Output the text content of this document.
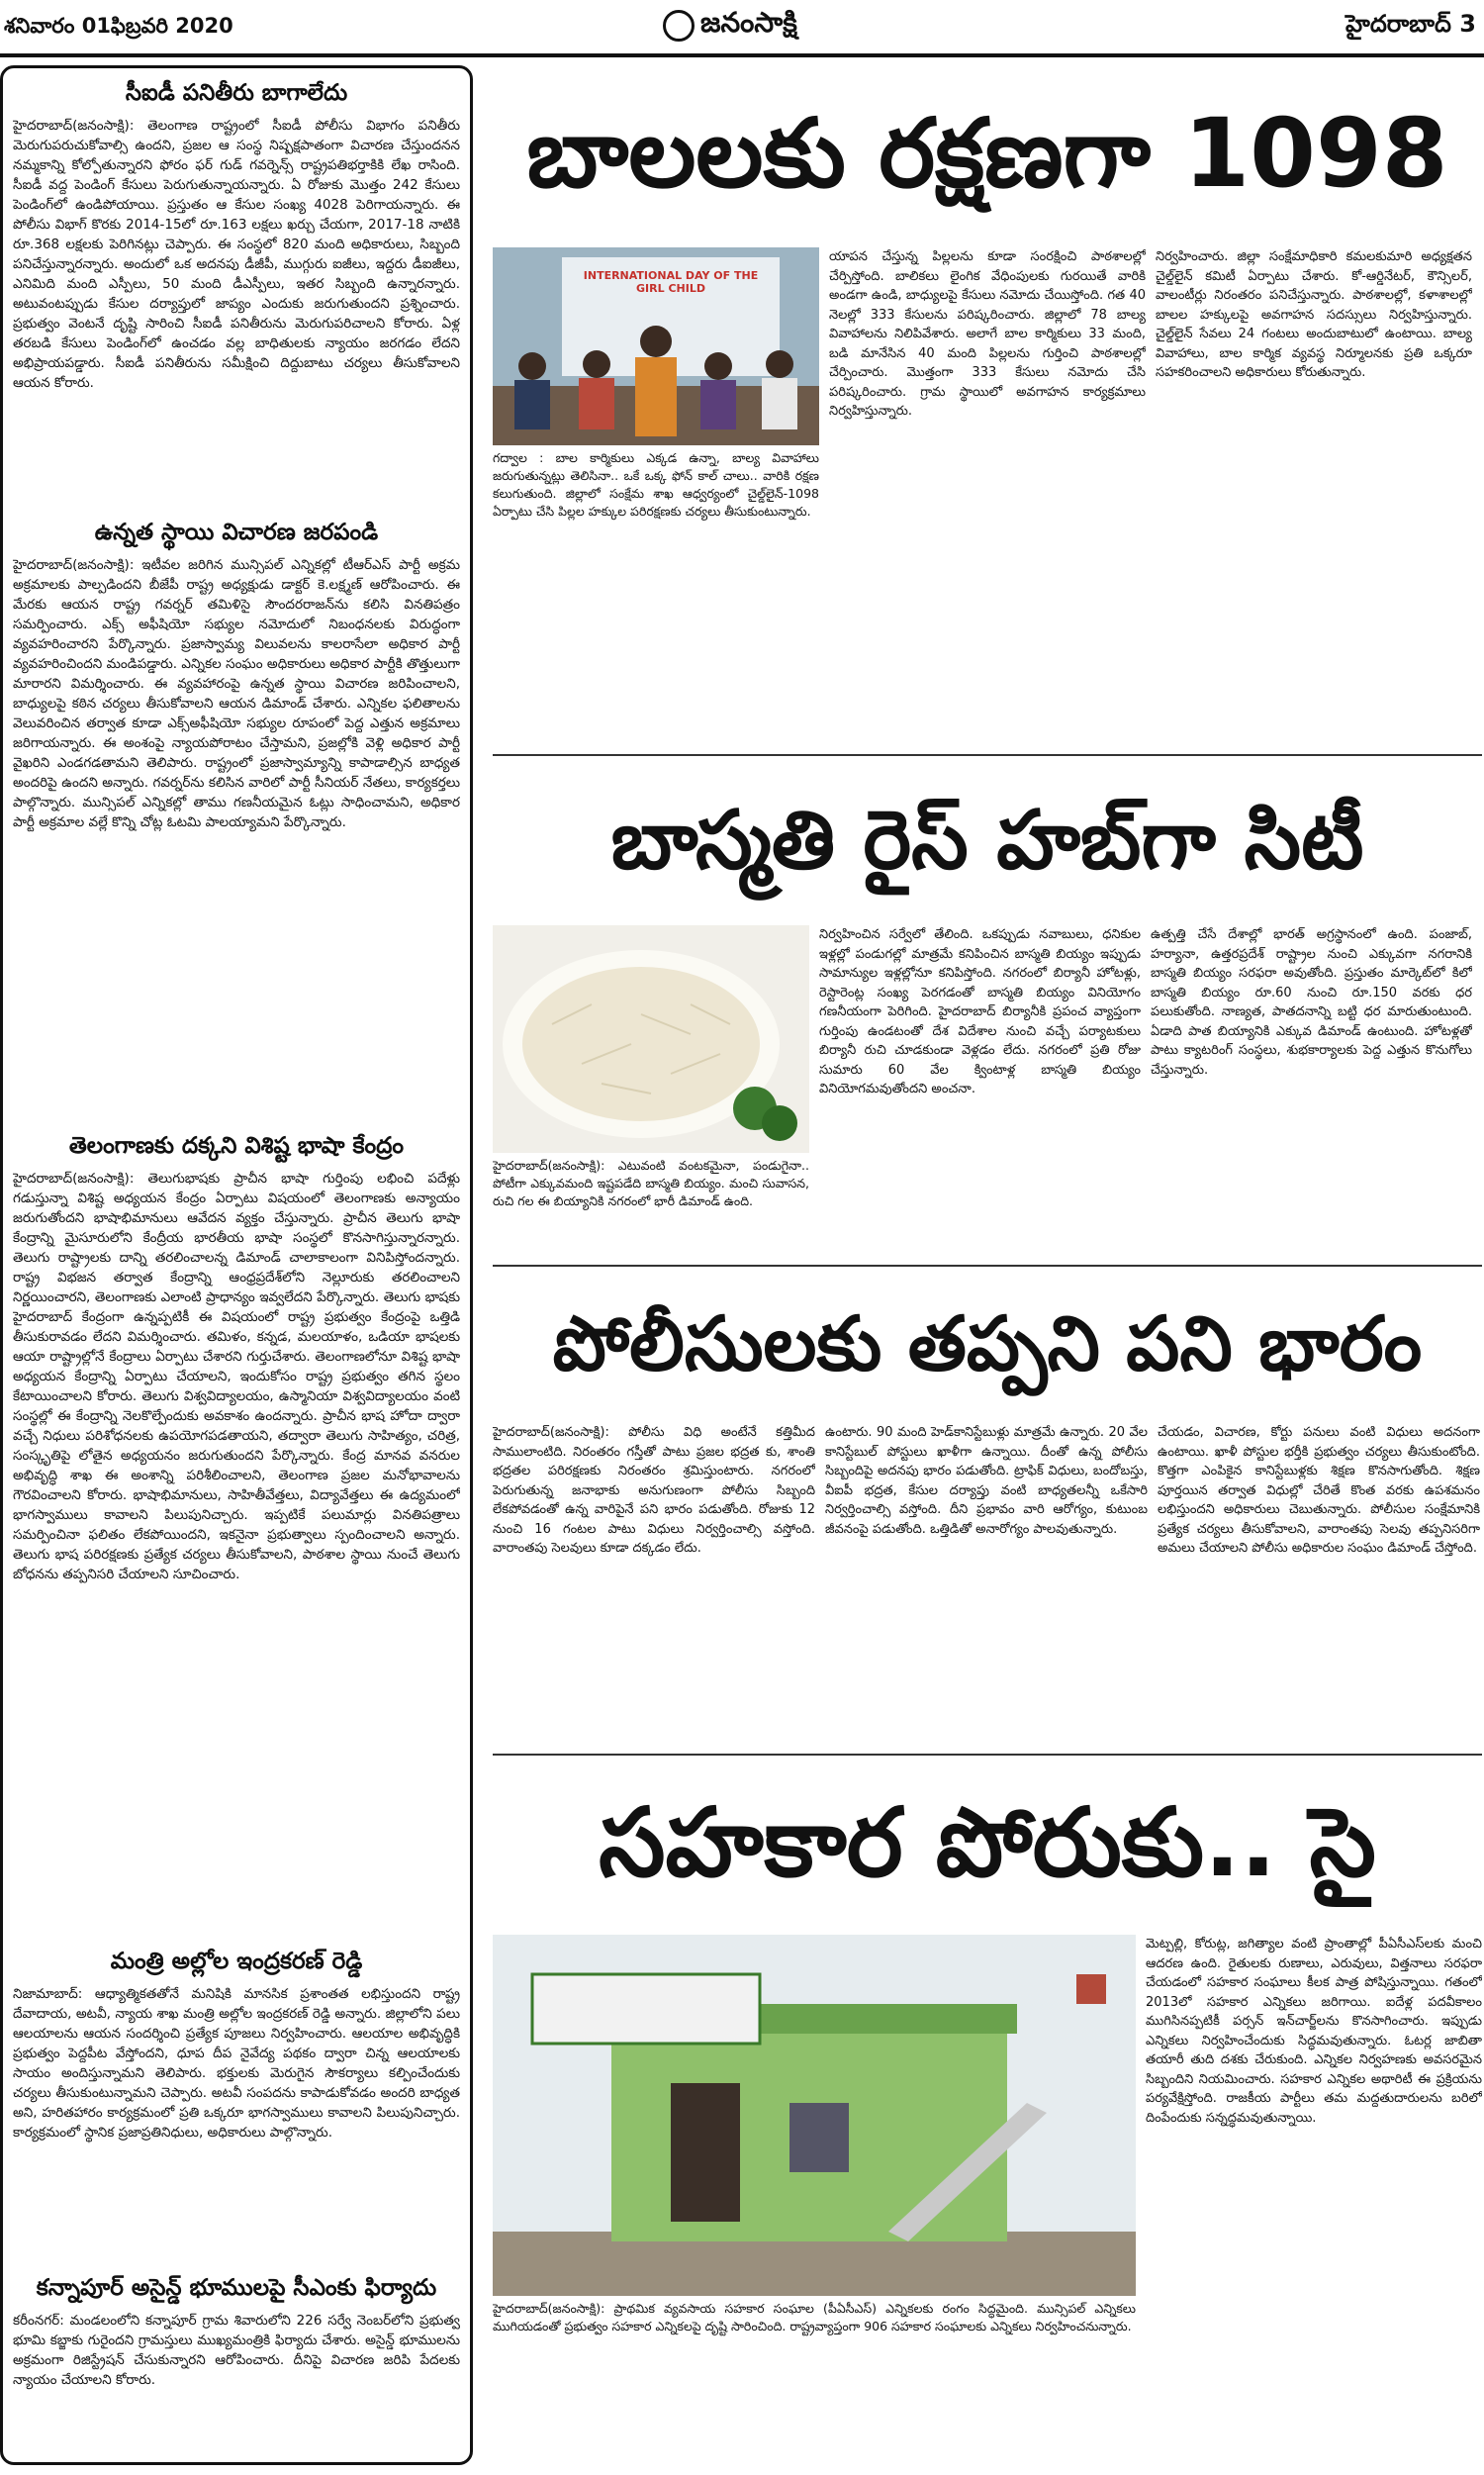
శనివారం 01ఫిబ్రవరి 2020	జనంసాక్షి	హైదరాబాద్ 3
సీఐడీ పనితీరు బాగాలేదు

హైదరాబాద్‌(జనంసాక్షి): తెలంగాణ రాష్ట్రంలో సీఐడీ పోలీసు విభాగం పనితీరు మెరుగుపరుచుకోవాల్సి ఉందని, ప్రజల ఆ సంస్థ నిష్పక్షపాతంగా విచారణ చేస్తుందనన నమ్మకాన్ని కోల్పోతున్నారని ఫోరం ఫర్‌ గుడ్‌ గవర్నెన్స్‌ రాష్ట్రపతిభర్తాకికి లేఖ రాసింది. సీఐడీ వద్ద పెండింగ్‌ కేసులు పెరుగుతున్నాయన్నారు. ఏ రోజుకు మొత్తం 242 కేసులు పెండింగ్‌లో ఉండిపోయాయి. ప్రస్తుతం ఆ కేసుల సంఖ్య 4028 పెరిగాయన్నారు. ఈ పోలీసు విభాగ్‌ కొరకు 2014-15లో రూ.163 లక్షలు ఖర్చు చేయగా, 2017-18 నాటికి రూ.368 లక్షలకు పెరిగినట్లు చెప్పారు. ఈ సంస్థలో 820 మంది అధికారులు, సిబ్బంది పనిచేస్తున్నారన్నారు. అందులో ఒక అదనపు డీజీపీ, ముగ్గురు ఐజీలు, ఇద్దరు డీఐజీలు, ఎనిమిది మంది ఎస్పీలు, 50 మంది డీఎస్పీలు, ఇతర సిబ్బంది ఉన్నారన్నారు. అటువంటప్పుడు కేసుల దర్యాప్తులో జాప్యం ఎందుకు జరుగుతుందని ప్రశ్నించారు. ప్రభుత్వం వెంటనే దృష్టి సారించి సీఐడీ పనితీరును మెరుగుపరిచాలని కోరారు. ఏళ్ల తరబడి కేసులు పెండింగ్‌లో ఉంచడం వల్ల బాధితులకు న్యాయం జరగడం లేదని అభిప్రాయపడ్డారు. సీఐడీ పనితీరును సమీక్షించి దిద్దుబాటు చర్యలు తీసుకోవాలని ఆయన కోరారు.

ఉన్నత స్థాయి విచారణ జరపండి

హైదరాబాద్‌(జనంసాక్షి): ఇటీవల జరిగిన మున్సిపల్‌ ఎన్నికల్లో టీఆర్‌ఎస్‌ పార్టీ అక్రమ అక్రమాలకు పాల్పడిందని బీజేపీ రాష్ట్ర అధ్యక్షుడు డాక్టర్‌ కె.లక్ష్మణ్‌ ఆరోపించారు. ఈ మేరకు ఆయన రాష్ట్ర గవర్నర్‌ తమిళిసై సౌందరరాజన్‌ను కలిసి వినతిపత్రం సమర్పించారు. ఎక్స్‌ అఫీషియో సభ్యుల నమోదులో నిబంధనలకు విరుద్ధంగా వ్యవహరించారని పేర్కొన్నారు. ప్రజాస్వామ్య విలువలను కాలరాసేలా అధికార పార్టీ వ్యవహరించిందని మండిపడ్డారు. ఎన్నికల సంఘం అధికారులు అధికార పార్టీకి తొత్తులుగా మారారని విమర్శించారు. ఈ వ్యవహారంపై ఉన్నత స్థాయి విచారణ జరిపించాలని, బాధ్యులపై కఠిన చర్యలు తీసుకోవాలని ఆయన డిమాండ్‌ చేశారు. ఎన్నికల ఫలితాలను వెలువరించిన తర్వాత కూడా ఎక్స్‌అఫీషియో సభ్యుల రూపంలో పెద్ద ఎత్తున అక్రమాలు జరిగాయన్నారు. ఈ అంశంపై న్యాయపోరాటం చేస్తామని, ప్రజల్లోకి వెళ్లి అధికార పార్టీ వైఖరిని ఎండగడతామని తెలిపారు. రాష్ట్రంలో ప్రజాస్వామ్యాన్ని కాపాడాల్సిన బాధ్యత అందరిపై ఉందని అన్నారు. గవర్నర్‌ను కలిసిన వారిలో పార్టీ సీనియర్‌ నేతలు, కార్యకర్తలు పాల్గొన్నారు. మున్సిపల్‌ ఎన్నికల్లో తాము గణనీయమైన ఓట్లు సాధించామని, అధికార పార్టీ అక్రమాల వల్లే కొన్ని చోట్ల ఓటమి పాలయ్యామని పేర్కొన్నారు.

తెలంగాణకు దక్కని విశిష్ట భాషా కేంద్రం

హైదరాబాద్‌(జనంసాక్షి): తెలుగుభాషకు ప్రాచీన భాషా గుర్తింపు లభించి పదేళ్లు గడుస్తున్నా విశిష్ట అధ్యయన కేంద్రం ఏర్పాటు విషయంలో తెలంగాణకు అన్యాయం జరుగుతోందని భాషాభిమానులు ఆవేదన వ్యక్తం చేస్తున్నారు. ప్రాచీన తెలుగు భాషా కేంద్రాన్ని మైసూరులోని కేంద్రీయ భారతీయ భాషా సంస్థలో కొనసాగిస్తున్నారన్నారు. తెలుగు రాష్ట్రాలకు దాన్ని తరలించాలన్న డిమాండ్‌ చాలాకాలంగా వినిపిస్తోందన్నారు. రాష్ట్ర విభజన తర్వాత కేంద్రాన్ని ఆంధ్రప్రదేశ్‌లోని నెల్లూరుకు తరలించాలని నిర్ణయించారని, తెలంగాణకు ఎలాంటి ప్రాధాన్యం ఇవ్వలేదని పేర్కొన్నారు. తెలుగు భాషకు హైదరాబాద్‌ కేంద్రంగా ఉన్నప్పటికీ ఈ విషయంలో రాష్ట్ర ప్రభుత్వం కేంద్రంపై ఒత్తిడి తీసుకురావడం లేదని విమర్శించారు. తమిళం, కన్నడ, మలయాళం, ఒడియా భాషలకు ఆయా రాష్ట్రాల్లోనే కేంద్రాలు ఏర్పాటు చేశారని గుర్తుచేశారు. తెలంగాణలోనూ విశిష్ట భాషా అధ్యయన కేంద్రాన్ని ఏర్పాటు చేయాలని, ఇందుకోసం రాష్ట్ర ప్రభుత్వం తగిన స్థలం కేటాయించాలని కోరారు. తెలుగు విశ్వవిద్యాలయం, ఉస్మానియా విశ్వవిద్యాలయం వంటి సంస్థల్లో ఈ కేంద్రాన్ని నెలకొల్పేందుకు అవకాశం ఉందన్నారు. ప్రాచీన భాష హోదా ద్వారా వచ్చే నిధులు పరిశోధనలకు ఉపయోగపడతాయని, తద్వారా తెలుగు సాహిత్యం, చరిత్ర, సంస్కృతిపై లోతైన అధ్యయనం జరుగుతుందని పేర్కొన్నారు. కేంద్ర మానవ వనరుల అభివృద్ధి శాఖ ఈ అంశాన్ని పరిశీలించాలని, తెలంగాణ ప్రజల మనోభావాలను గౌరవించాలని కోరారు. భాషాభిమానులు, సాహితీవేత్తలు, విద్యావేత్తలు ఈ ఉద్యమంలో భాగస్వాములు కావాలని పిలుపునిచ్చారు. ఇప్పటికే పలుమార్లు వినతిపత్రాలు సమర్పించినా ఫలితం లేకపోయిందని, ఇకనైనా ప్రభుత్వాలు స్పందించాలని అన్నారు. తెలుగు భాష పరిరక్షణకు ప్రత్యేక చర్యలు తీసుకోవాలని, పాఠశాల స్థాయి నుంచే తెలుగు బోధనను తప్పనిసరి చేయాలని సూచించారు.

మంత్రి అల్లోల ఇంద్రకరణ్‌ రెడ్డి

నిజామాబాద్‌: ఆధ్యాత్మికతతోనే మనిషికి మానసిక ప్రశాంతత లభిస్తుందని రాష్ట్ర దేవాదాయ, అటవీ, న్యాయ శాఖ మంత్రి అల్లోల ఇంద్రకరణ్‌ రెడ్డి అన్నారు. జిల్లాలోని పలు ఆలయాలను ఆయన సందర్శించి ప్రత్యేక పూజలు నిర్వహించారు. ఆలయాల అభివృద్ధికి ప్రభుత్వం పెద్దపీట వేస్తోందని, ధూప దీప నైవేద్య పథకం ద్వారా చిన్న ఆలయాలకు సాయం అందిస్తున్నామని తెలిపారు. భక్తులకు మెరుగైన సౌకర్యాలు కల్పించేందుకు చర్యలు తీసుకుంటున్నామని చెప్పారు. అటవీ సంపదను కాపాడుకోవడం అందరి బాధ్యత అని, హరితహారం కార్యక్రమంలో ప్రతి ఒక్కరూ భాగస్వాములు కావాలని పిలుపునిచ్చారు. కార్యక్రమంలో స్థానిక ప్రజాప్రతినిధులు, అధికారులు పాల్గొన్నారు.

కన్నాపూర్‌ అసైన్డ్‌ భూములపై సీఎంకు ఫిర్యాదు

కరీంనగర్‌: మండలంలోని కన్నాపూర్‌ గ్రామ శివారులోని 226 సర్వే నెంబర్‌లోని ప్రభుత్వ భూమి కబ్జాకు గురైందని గ్రామస్తులు ముఖ్యమంత్రికి ఫిర్యాదు చేశారు. అసైన్డ్‌ భూములను అక్రమంగా రిజిస్ట్రేషన్‌ చేసుకున్నారని ఆరోపించారు. దీనిపై విచారణ జరిపి పేదలకు న్యాయం చేయాలని కోరారు.

బాలలకు రక్షణగా 1098
INTERNATIONAL DAY OF THE GIRL CHILD
గద్వాల : బాల కార్మికులు ఎక్కడ ఉన్నా, బాల్య వివాహాలు జరుగుతున్నట్లు తెలిసినా.. ఒకే ఒక్క ఫోన్‌ కాల్‌ చాలు.. వారికి రక్షణ కలుగుతుంది. జిల్లాలో సంక్షేమ శాఖ ఆధ్వర్యంలో చైల్డ్‌లైన్‌-1098 ఏర్పాటు చేసి పిల్లల హక్కుల పరిరక్షణకు చర్యలు తీసుకుంటున్నారు.
యాపన చేస్తున్న పిల్లలను కూడా సంరక్షించి పాఠశాలల్లో చేర్పిస్తోంది. బాలికలు లైంగిక వేధింపులకు గురయితే వారికి అండగా ఉండి, బాధ్యులపై కేసులు నమోదు చేయిస్తోంది. గత 40 నెలల్లో 333 కేసులను పరిష్కరించారు. జిల్లాలో 78 బాల్య వివాహాలను నిలిపివేశారు. అలాగే బాల కార్మికులు 33 మంది, బడి మానేసిన 40 మంది పిల్లలను గుర్తించి పాఠశాలల్లో చేర్పించారు. మొత్తంగా 333 కేసులు నమోదు చేసి పరిష్కరించారు. గ్రామ స్థాయిలో అవగాహన కార్యక్రమాలు నిర్వహిస్తున్నారు.
నిర్వహించారు. జిల్లా సంక్షేమాధికారి కమలకుమారి అధ్యక్షతన చైల్డ్‌లైన్‌ కమిటీ ఏర్పాటు చేశారు. కో-ఆర్డినేటర్‌, కౌన్సిలర్‌, వాలంటీర్లు నిరంతరం పనిచేస్తున్నారు. పాఠశాలల్లో, కళాశాలల్లో బాలల హక్కులపై అవగాహన సదస్సులు నిర్వహిస్తున్నారు. చైల్డ్‌లైన్‌ సేవలు 24 గంటలు అందుబాటులో ఉంటాయి. బాల్య వివాహాలు, బాల కార్మిక వ్యవస్థ నిర్మూలనకు ప్రతి ఒక్కరూ సహకరించాలని అధికారులు కోరుతున్నారు.
బాస్మతి రైస్‌ హబ్‌గా సిటీ
హైదరాబాద్‌(జనంసాక్షి): ఎటువంటి వంటకమైనా, పండుగైనా.. పోటీగా ఎక్కువమంది ఇష్టపడేది బాస్మతి బియ్యం. మంచి సువాసన, రుచి గల ఈ బియ్యానికి నగరంలో భారీ డిమాండ్‌ ఉంది.
నిర్వహించిన సర్వేలో తేలింది. ఒకప్పుడు నవాబులు, ధనికుల ఇళ్లల్లో పండుగల్లో మాత్రమే కనిపించిన బాస్మతి బియ్యం ఇప్పుడు సామాన్యుల ఇళ్లల్లోనూ కనిపిస్తోంది. నగరంలో బిర్యానీ హోటళ్లు, రెస్టారెంట్ల సంఖ్య పెరగడంతో బాస్మతి బియ్యం వినియోగం గణనీయంగా పెరిగింది. హైదరాబాద్‌ బిర్యానీకి ప్రపంచ వ్యాప్తంగా గుర్తింపు ఉండటంతో దేశ విదేశాల నుంచి వచ్చే పర్యాటకులు బిర్యానీ రుచి చూడకుండా వెళ్లడం లేదు. నగరంలో ప్రతి రోజు సుమారు 60 వేల క్వింటాళ్ల బాస్మతి బియ్యం వినియోగమవుతోందని అంచనా.
ఉత్పత్తి చేసే దేశాల్లో భారత్‌ అగ్రస్థానంలో ఉంది. పంజాబ్‌, హర్యానా, ఉత్తరప్రదేశ్‌ రాష్ట్రాల నుంచి ఎక్కువగా నగరానికి బాస్మతి బియ్యం సరఫరా అవుతోంది. ప్రస్తుతం మార్కెట్‌లో కిలో బాస్మతి బియ్యం రూ.60 నుంచి రూ.150 వరకు ధర పలుకుతోంది. నాణ్యత, పాతదనాన్ని బట్టి ధర మారుతుంటుంది. ఏడాది పాత బియ్యానికి ఎక్కువ డిమాండ్‌ ఉంటుంది. హోటళ్లతో పాటు క్యాటరింగ్‌ సంస్థలు, శుభకార్యాలకు పెద్ద ఎత్తున కొనుగోలు చేస్తున్నారు.
పోలీసులకు తప్పని పని భారం
హైదరాబాద్‌(జనంసాక్షి): పోలీసు విధి అంటేనే కత్తిమీద సాములాంటిది. నిరంతరం గస్తీతో పాటు ప్రజల భద్రత కు, శాంతి భద్రతల పరిరక్షణకు నిరంతరం శ్రమిస్తుంటారు. నగరంలో పెరుగుతున్న జనాభాకు అనుగుణంగా పోలీసు సిబ్బంది లేకపోవడంతో ఉన్న వారిపైనే పని భారం పడుతోంది. రోజుకు 12 నుంచి 16 గంటల పాటు విధులు నిర్వర్తించాల్సి వస్తోంది. వారాంతపు సెలవులు కూడా దక్కడం లేదు.
ఉంటారు. 90 మంది హెడ్‌కానిస్టేబుళ్లు మాత్రమే ఉన్నారు. 20 వేల కానిస్టేబుల్‌ పోస్టులు ఖాళీగా ఉన్నాయి. దీంతో ఉన్న పోలీసు సిబ్బందిపై అదనపు భారం పడుతోంది. ట్రాఫిక్‌ విధులు, బందోబస్తు, వీఐపీ భద్రత, కేసుల దర్యాప్తు వంటి బాధ్యతలన్నీ ఒకేసారి నిర్వర్తించాల్సి వస్తోంది. దీని ప్రభావం వారి ఆరోగ్యం, కుటుంబ జీవనంపై పడుతోంది. ఒత్తిడితో అనారోగ్యం పాలవుతున్నారు.
చేయడం, విచారణ, కోర్టు పనులు వంటి విధులు అదనంగా ఉంటాయి. ఖాళీ పోస్టుల భర్తీకి ప్రభుత్వం చర్యలు తీసుకుంటోంది. కొత్తగా ఎంపికైన కానిస్టేబుళ్లకు శిక్షణ కొనసాగుతోంది. శిక్షణ పూర్తయిన తర్వాత విధుల్లో చేరితే కొంత వరకు ఉపశమనం లభిస్తుందని అధికారులు చెబుతున్నారు. పోలీసుల సంక్షేమానికి ప్రత్యేక చర్యలు తీసుకోవాలని, వారాంతపు సెలవు తప్పనిసరిగా అమలు చేయాలని పోలీసు అధికారుల సంఘం డిమాండ్‌ చేస్తోంది.
సహకార పోరుకు.. సై
హైదరాబాద్‌(జనంసాక్షి): ప్రాథమిక వ్యవసాయ సహకార సంఘాల (పీఏసీఎస్‌) ఎన్నికలకు రంగం సిద్ధమైంది. మున్సిపల్‌ ఎన్నికలు ముగియడంతో ప్రభుత్వం సహకార ఎన్నికలపై దృష్టి సారించింది. రాష్ట్రవ్యాప్తంగా 906 సహకార సంఘాలకు ఎన్నికలు నిర్వహించనున్నారు.
మెట్పల్లి, కోరుట్ల, జగిత్యాల వంటి ప్రాంతాల్లో పీఏసీఎస్‌లకు మంచి ఆదరణ ఉంది. రైతులకు రుణాలు, ఎరువులు, విత్తనాలు సరఫరా చేయడంలో సహకార సంఘాలు కీలక పాత్ర పోషిస్తున్నాయి. గతంలో 2013లో సహకార ఎన్నికలు జరిగాయి. ఐదేళ్ల పదవీకాలం ముగిసినప్పటికీ పర్సన్‌ ఇన్‌చార్జ్‌లను కొనసాగించారు. ఇప్పుడు ఎన్నికలు నిర్వహించేందుకు సిద్ధమవుతున్నారు. ఓటర్ల జాబితా తయారీ తుది దశకు చేరుకుంది. ఎన్నికల నిర్వహణకు అవసరమైన సిబ్బందిని నియమించారు. సహకార ఎన్నికల అథారిటీ ఈ ప్రక్రియను పర్యవేక్షిస్తోంది. రాజకీయ పార్టీలు తమ మద్దతుదారులను బరిలో దింపేందుకు సన్నద్ధమవుతున్నాయి.
